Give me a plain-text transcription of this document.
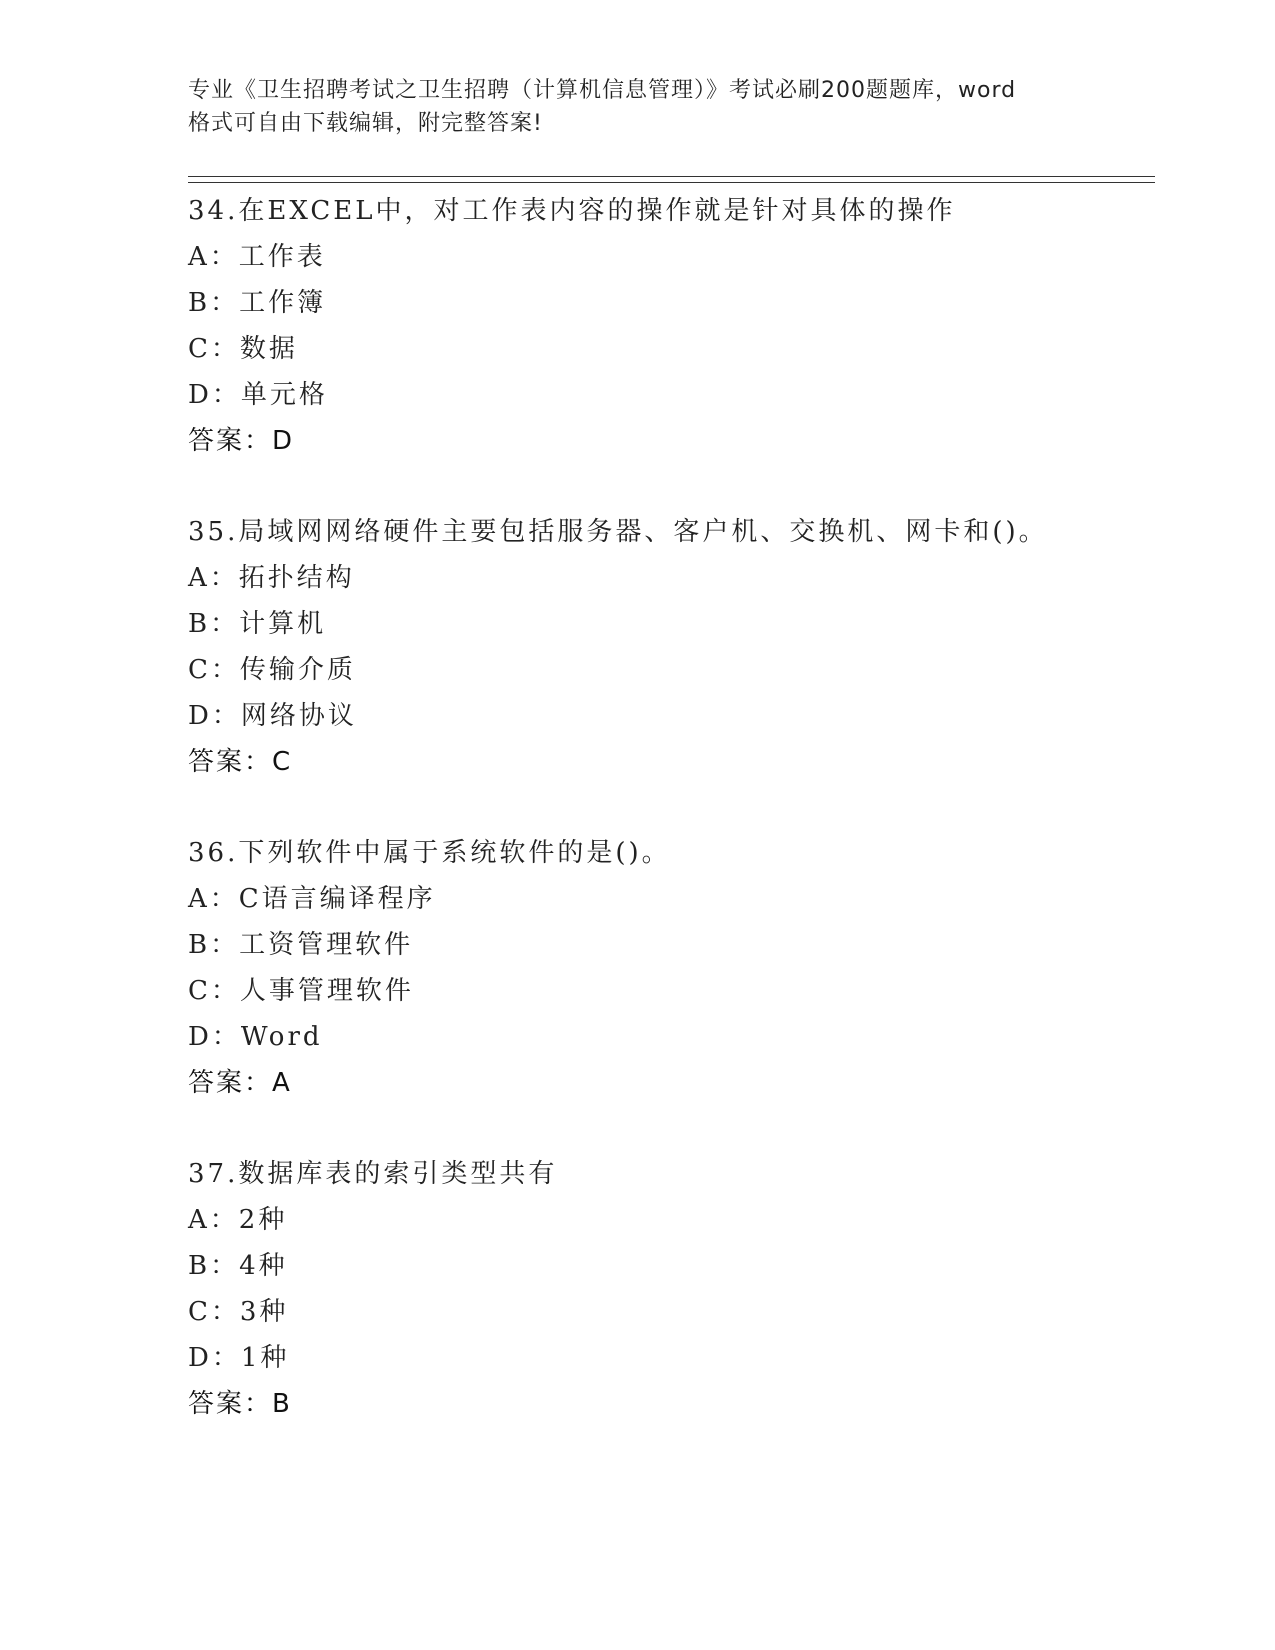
专业《卫生招聘考试之卫生招聘（计算机信息管理）》考试必刷200题题库，word
格式可自由下载编辑，附完整答案!
34.在EXCEL中，对工作表内容的操作就是针对具体的操作
A：工作表
B：工作簿
C：数据
D：单元格
答案：D
35.局域网网络硬件主要包括服务器、客户机、交换机、网卡和()。
A：拓扑结构
B：计算机
C：传输介质
D：网络协议
答案：C
36.下列软件中属于系统软件的是()。
A：C语言编译程序
B：工资管理软件
C：人事管理软件
D：Word
答案：A
37.数据库表的索引类型共有
A：2种
B：4种
C：3种
D：1种
答案：B
